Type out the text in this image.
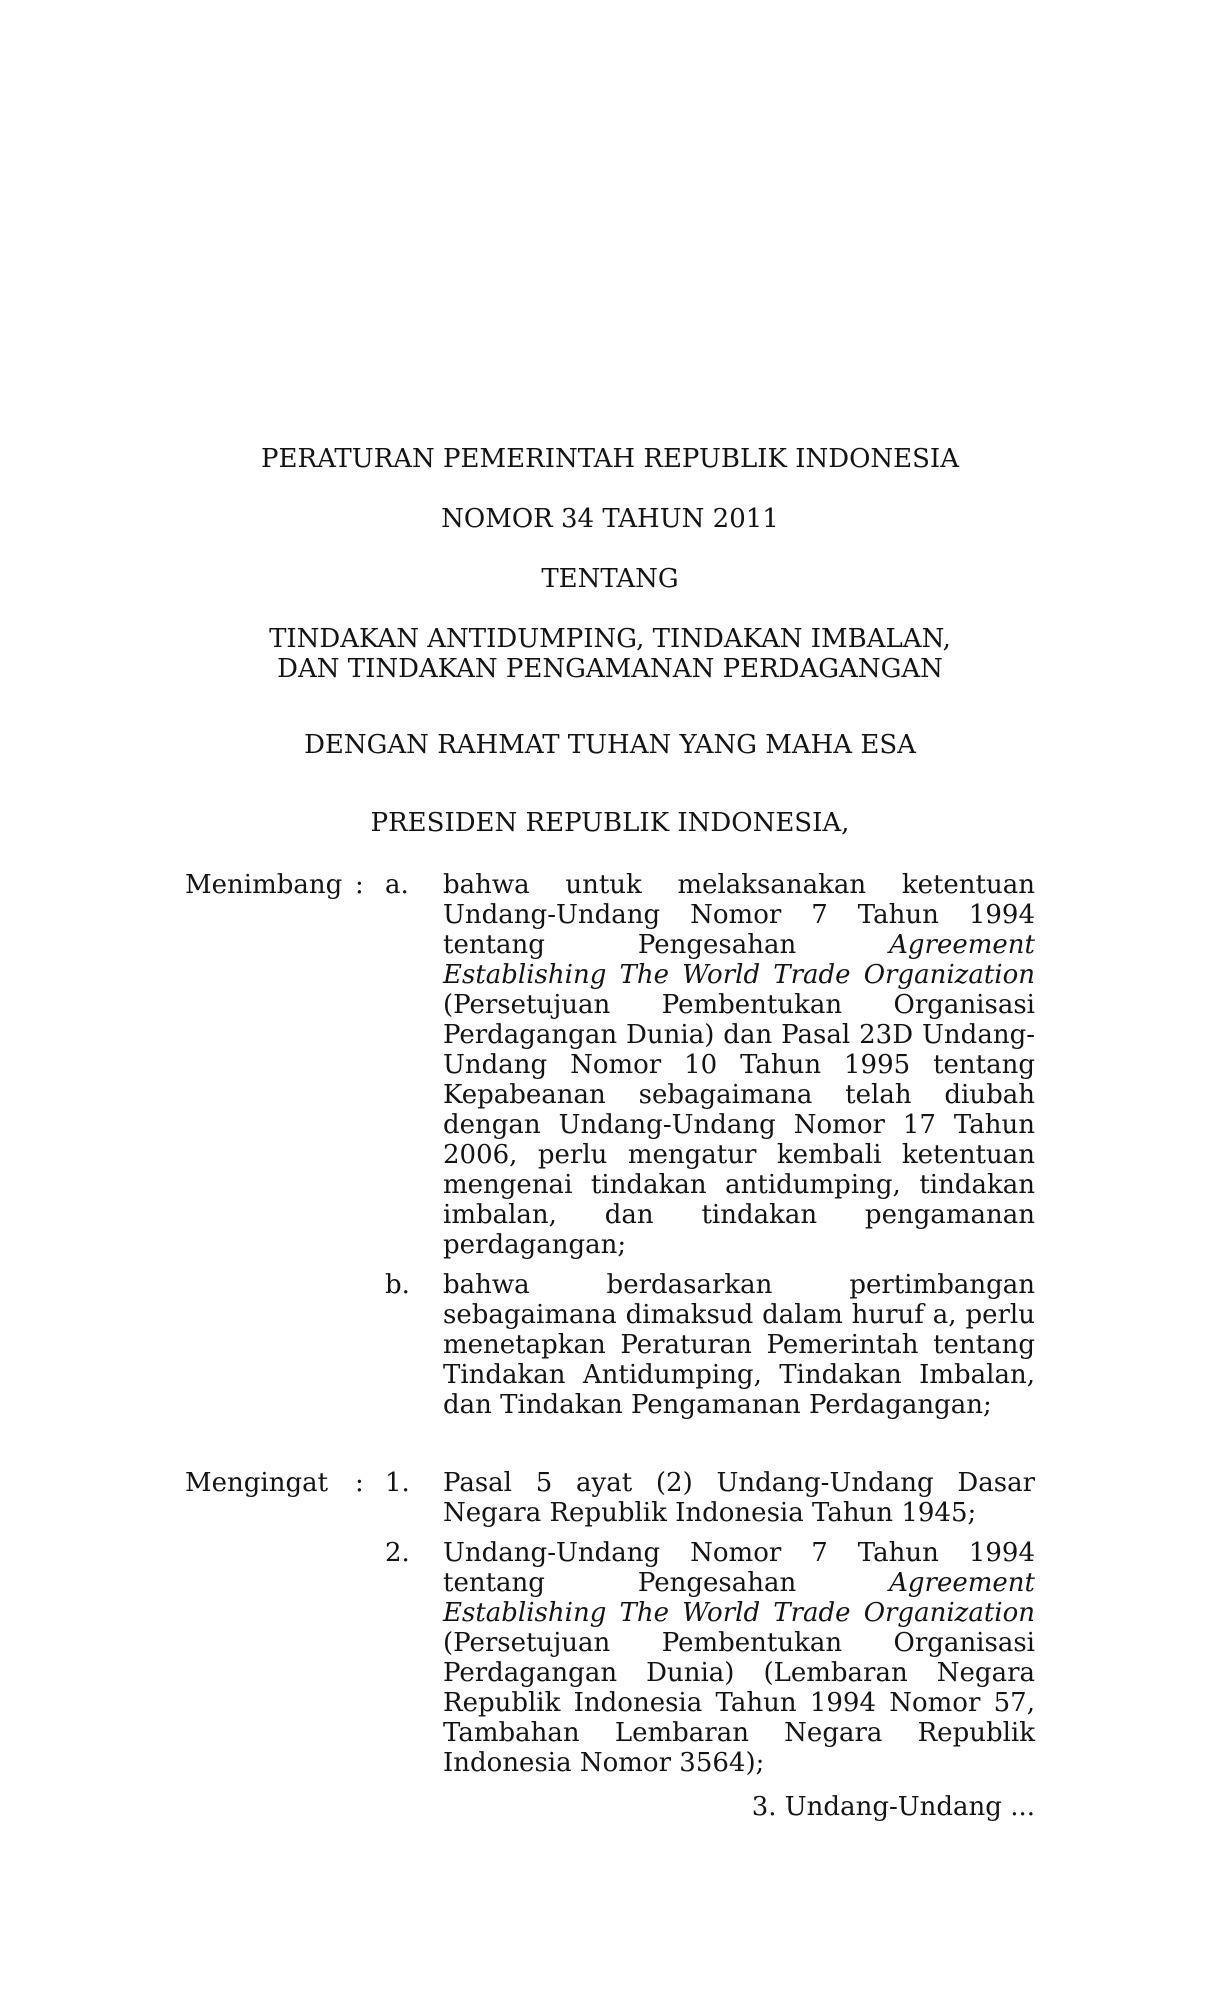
PERATURAN PEMERINTAH REPUBLIK INDONESIA
NOMOR 34 TAHUN 2011
TENTANG
TINDAKAN ANTIDUMPING, TINDAKAN IMBALAN,
DAN TINDAKAN PENGAMANAN PERDAGANGAN
DENGAN RAHMAT TUHAN YANG MAHA ESA
PRESIDEN REPUBLIK INDONESIA,
Menimbang : a.	bahwa untuk melaksanakan ketentuan Undang-Undang Nomor 7 Tahun 1994 tentang Pengesahan Agreement Establishing The World Trade Organization (Persetujuan Pembentukan Organisasi Perdagangan Dunia) dan Pasal 23D Undang-Undang Nomor 10 Tahun 1995 tentang Kepabeanan sebagaimana telah diubah dengan Undang-Undang Nomor 17 Tahun 2006, perlu mengatur kembali ketentuan mengenai tindakan antidumping, tindakan imbalan, dan tindakan pengamanan perdagangan;
b.	bahwa berdasarkan pertimbangan sebagaimana dimaksud dalam huruf a, perlu menetapkan Peraturan Pemerintah tentang Tindakan Antidumping, Tindakan Imbalan, dan Tindakan Pengamanan Perdagangan;
Mengingat	: 1.	Pasal 5 ayat (2) Undang-Undang Dasar Negara Republik Indonesia Tahun 1945;
2.	Undang-Undang Nomor 7 Tahun 1994 tentang Pengesahan Agreement Establishing The World Trade Organization (Persetujuan Pembentukan Organisasi Perdagangan Dunia) (Lembaran Negara Republik Indonesia Tahun 1994 Nomor 57, Tambahan Lembaran Negara Republik Indonesia Nomor 3564);
3. Undang-Undang ...
